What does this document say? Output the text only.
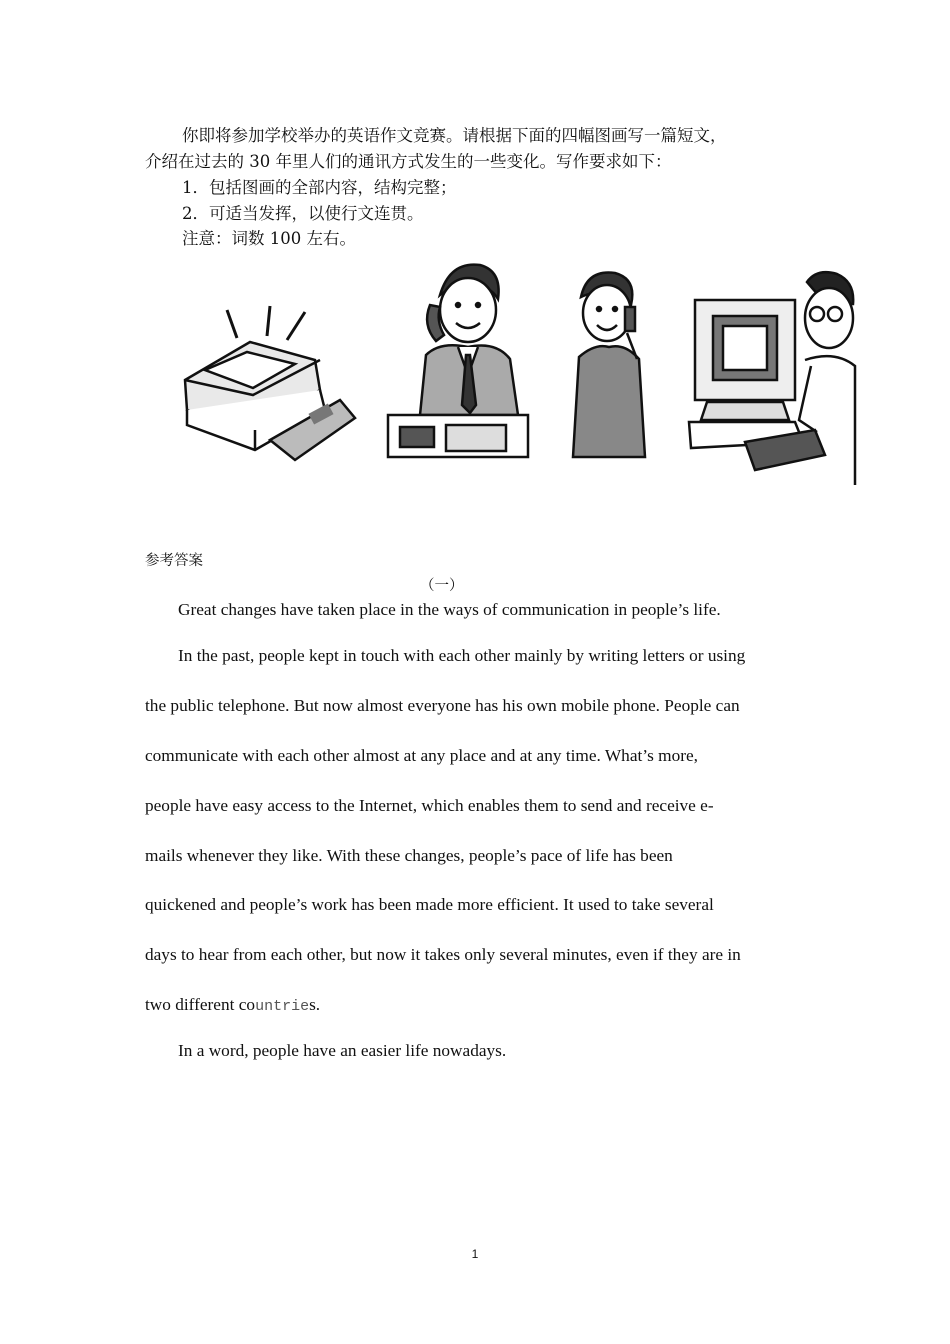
你即将参加学校举办的英语作文竞赛。请根据下面的四幅图画写一篇短文，
介绍在过去的 30 年里人们的通讯方式发生的一些变化。写作要求如下：
1．包括图画的全部内容，结构完整；
2．可适当发挥，以使行文连贯。
注意：词数 100 左右。
参考答案
（一）
Great changes have taken place in the ways of communication in people’s life.
In the past, people kept in touch with each other mainly by writing letters or using
the public telephone. But now almost everyone has his own mobile phone. People can
communicate with each other almost at any place and at any time. What’s more,
people have easy access to the Internet, which enables them to send and receive e-
mails whenever they like. With these changes, people’s pace of life has been
quickened and people’s work has been made more efficient. It used to take several
days to hear from each other, but now it takes only several minutes, even if they are in
two different countries.
In a word, people have an easier life nowadays.
1
